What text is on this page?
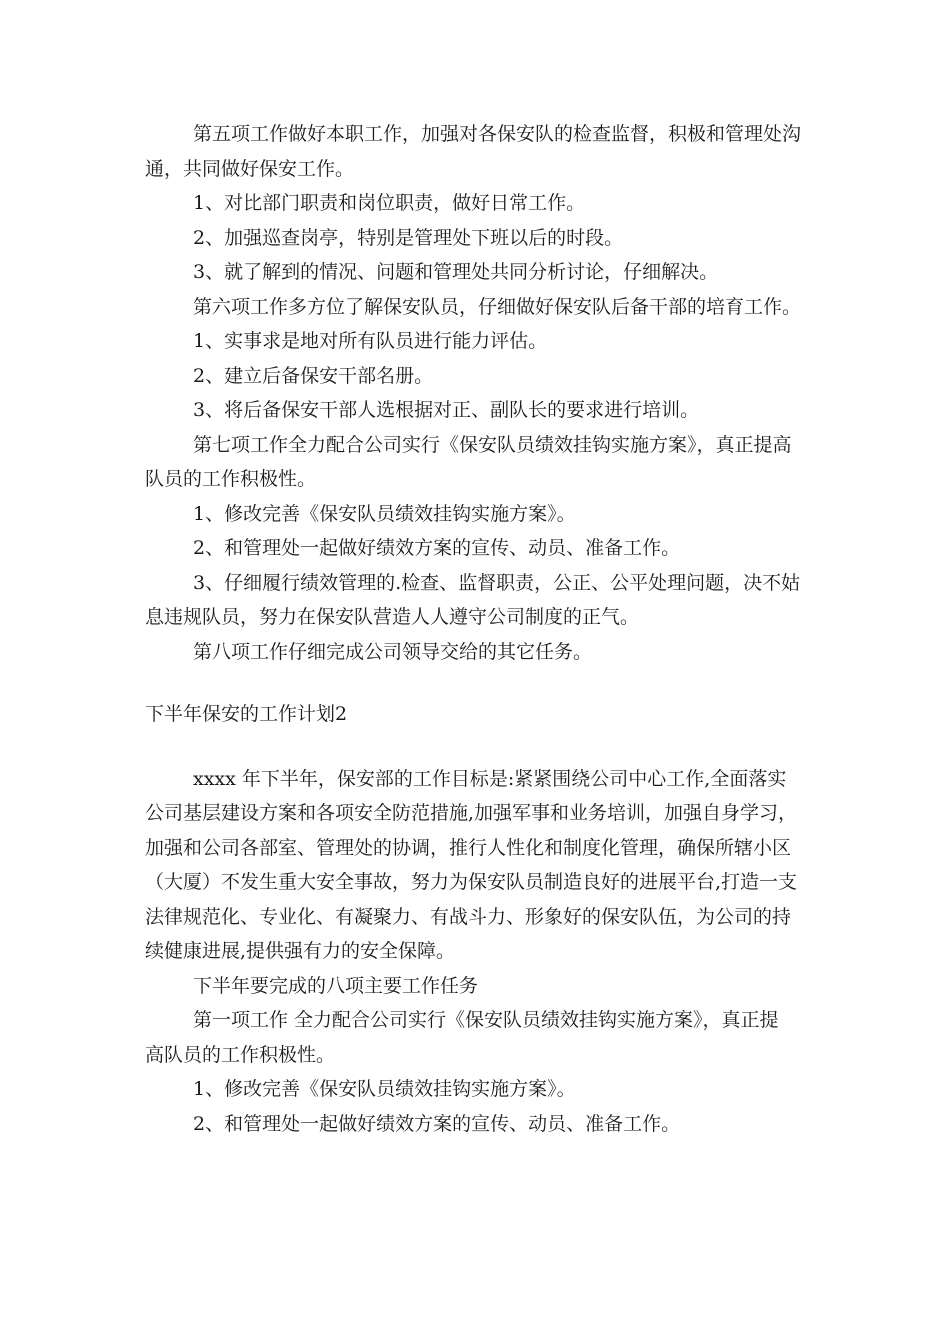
第五项工作做好本职工作，加强对各保安队的检查监督，积极和管理处沟
通，共同做好保安工作。
1、对比部门职责和岗位职责，做好日常工作。
2、加强巡查岗亭，特别是管理处下班以后的时段。
3、就了解到的情况、问题和管理处共同分析讨论，仔细解决。
第六项工作多方位了解保安队员，仔细做好保安队后备干部的培育工作。
1、实事求是地对所有队员进行能力评估。
2、建立后备保安干部名册。
3、将后备保安干部人选根据对正、副队长的要求进行培训。
第七项工作全力配合公司实行《保安队员绩效挂钩实施方案》，真正提高
队员的工作积极性。
1、修改完善《保安队员绩效挂钩实施方案》。
2、和管理处一起做好绩效方案的宣传、动员、准备工作。
3、仔细履行绩效管理的.检查、监督职责，公正、公平处理问题，决不姑
息违规队员，努力在保安队营造人人遵守公司制度的正气。
第八项工作仔细完成公司领导交给的其它任务。
下半年保安的工作计划2
xxxx 年下半年，保安部的工作目标是:紧紧围绕公司中心工作,全面落实
公司基层建设方案和各项安全防范措施,加强军事和业务培训，加强自身学习，
加强和公司各部室、管理处的协调，推行人性化和制度化管理，确保所辖小区
（大厦）不发生重大安全事故，努力为保安队员制造良好的进展平台,打造一支
法律规范化、专业化、有凝聚力、有战斗力、形象好的保安队伍，为公司的持
续健康进展,提供强有力的安全保障。
下半年要完成的八项主要工作任务
第一项工作 全力配合公司实行《保安队员绩效挂钩实施方案》，真正提
高队员的工作积极性。
1、修改完善《保安队员绩效挂钩实施方案》。
2、和管理处一起做好绩效方案的宣传、动员、准备工作。
